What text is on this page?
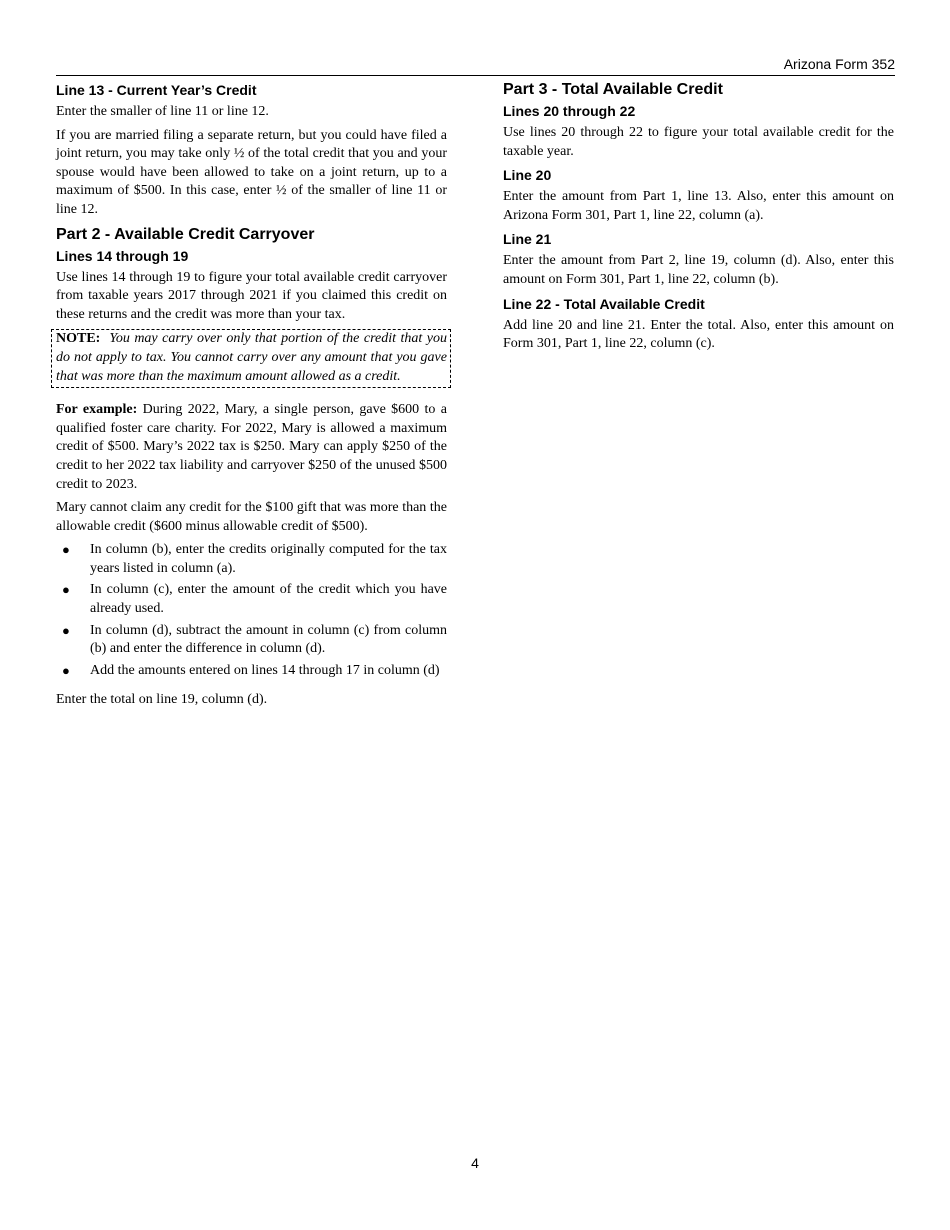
Arizona Form 352
Line 13 - Current Year’s Credit

Enter the smaller of line 11 or line 12.

If you are married filing a separate return, but you could have filed a joint return, you may take only ½ of the total credit that you and your spouse would have been allowed to take on a joint return, up to a maximum of $500. In this case, enter ½ of the smaller of line 11 or line 12.

Part 2 - Available Credit Carryover
Lines 14 through 19

Use lines 14 through 19 to figure your total available credit carryover from taxable years 2017 through 2021 if you claimed this credit on these returns and the credit was more than your tax.

NOTE: You may carry over only that portion of the credit that you do not apply to tax. You cannot carry over any amount that you gave that was more than the maximum amount allowed as a credit.

For example: During 2022, Mary, a single person, gave $600 to a qualified foster care charity. For 2022, Mary is allowed a maximum credit of $500. Mary’s 2022 tax is $250. Mary can apply $250 of the credit to her 2022 tax liability and carryover $250 of the unused $500 credit to 2023.

Mary cannot claim any credit for the $100 gift that was more than the allowable credit ($600 minus allowable credit of $500).

● In column (b), enter the credits originally computed for the tax years listed in column (a).
● In column (c), enter the amount of the credit which you have already used.
● In column (d), subtract the amount in column (c) from column (b) and enter the difference in column (d).
● Add the amounts entered on lines 14 through 17 in column (d)

Enter the total on line 19, column (d).

Part 3 - Total Available Credit
Lines 20 through 22

Use lines 20 through 22 to figure your total available credit for the taxable year.

Line 20

Enter the amount from Part 1, line 13. Also, enter this amount on Arizona Form 301, Part 1, line 22, column (a).

Line 21

Enter the amount from Part 2, line 19, column (d). Also, enter this amount on Form 301, Part 1, line 22, column (b).

Line 22 - Total Available Credit

Add line 20 and line 21. Enter the total. Also, enter this amount on Form 301, Part 1, line 22, column (c).

4
